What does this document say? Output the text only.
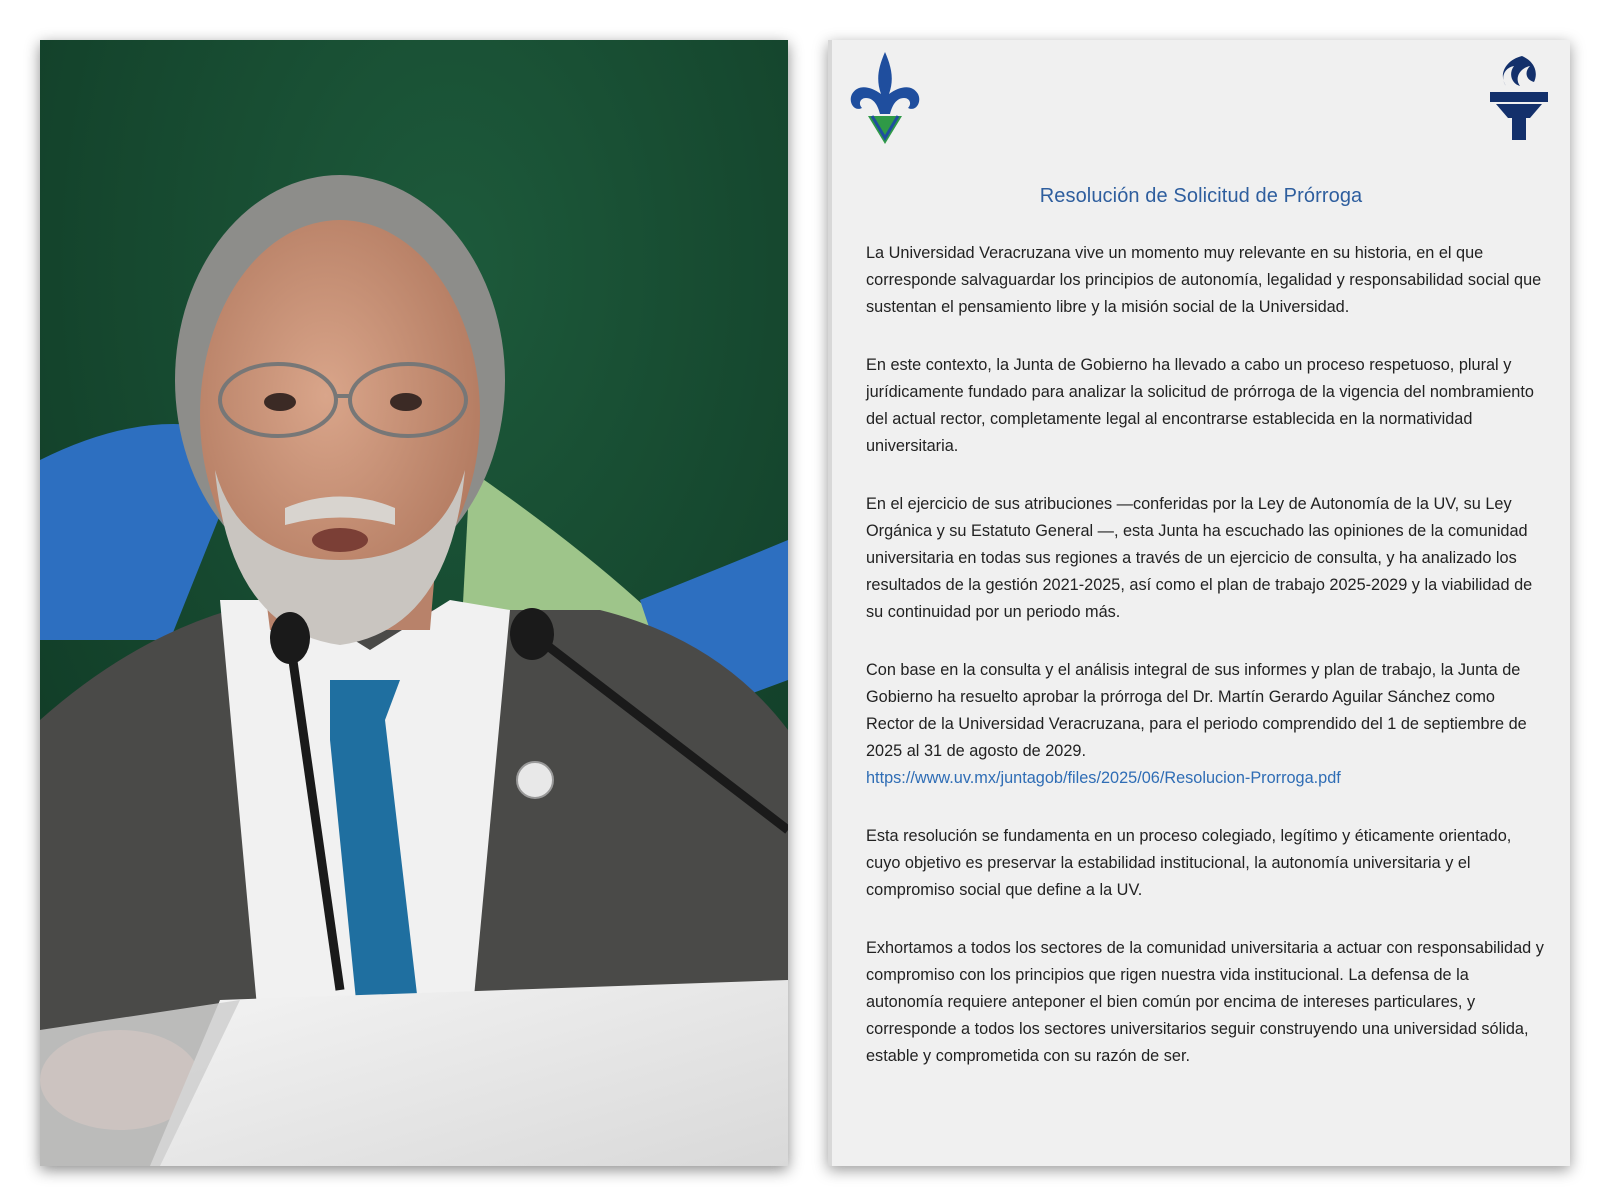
Resolución de Solicitud de Prórroga

La Universidad Veracruzana vive un momento muy relevante en su historia, en el que corresponde salvaguardar los principios de autonomía, legalidad y responsabilidad social que sustentan el pensamiento libre y la misión social de la Universidad.

En este contexto, la Junta de Gobierno ha llevado a cabo un proceso respetuoso, plural y jurídicamente fundado para analizar la solicitud de prórroga de la vigencia del nombramiento del actual rector, completamente legal al encontrarse establecida en la normatividad universitaria.

En el ejercicio de sus atribuciones —conferidas por la Ley de Autonomía de la UV, su Ley Orgánica y su Estatuto General —, esta Junta ha escuchado las opiniones de la comunidad universitaria en todas sus regiones a través de un ejercicio de consulta, y ha analizado los resultados de la gestión 2021-2025, así como el plan de trabajo 2025-2029 y la viabilidad de su continuidad por un periodo más.

Con base en la consulta y el análisis integral de sus informes y plan de trabajo, la Junta de Gobierno ha resuelto aprobar la prórroga del Dr. Martín Gerardo Aguilar Sánchez como Rector de la Universidad Veracruzana, para el periodo comprendido del 1 de septiembre de 2025 al 31 de agosto de 2029.
https://www.uv.mx/juntagob/files/2025/06/Resolucion-Prorroga.pdf

Esta resolución se fundamenta en un proceso colegiado, legítimo y éticamente orientado, cuyo objetivo es preservar la estabilidad institucional, la autonomía universitaria y el compromiso social que define a la UV.

Exhortamos a todos los sectores de la comunidad universitaria a actuar con responsabilidad y compromiso con los principios que rigen nuestra vida institucional. La defensa de la autonomía requiere anteponer el bien común por encima de intereses particulares, y corresponde a todos los sectores universitarios seguir construyendo una universidad sólida, estable y comprometida con su razón de ser.
